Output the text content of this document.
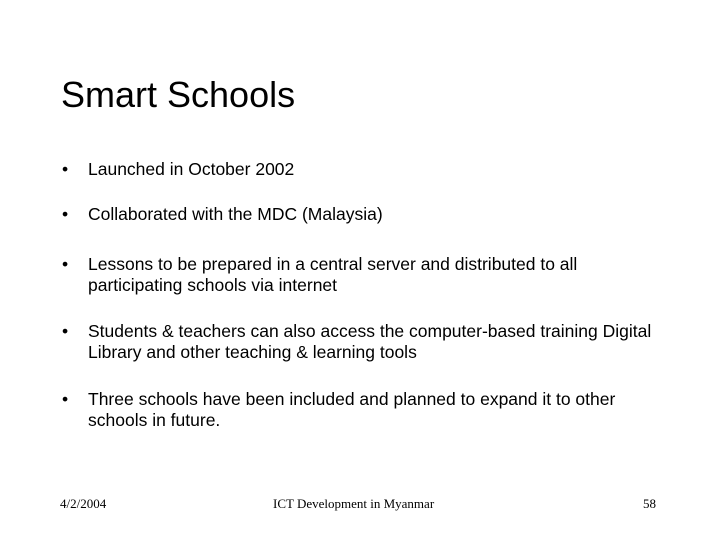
Smart Schools
• Launched in October 2002
• Collaborated with the MDC (Malaysia)
• Lessons to be prepared in a central server and distributed to all participating schools via internet
• Students & teachers can also access the computer-based training Digital Library and other teaching & learning tools
• Three schools have been included and planned to expand it to other schools in future.
4/2/2004	ICT Development in Myanmar	58
